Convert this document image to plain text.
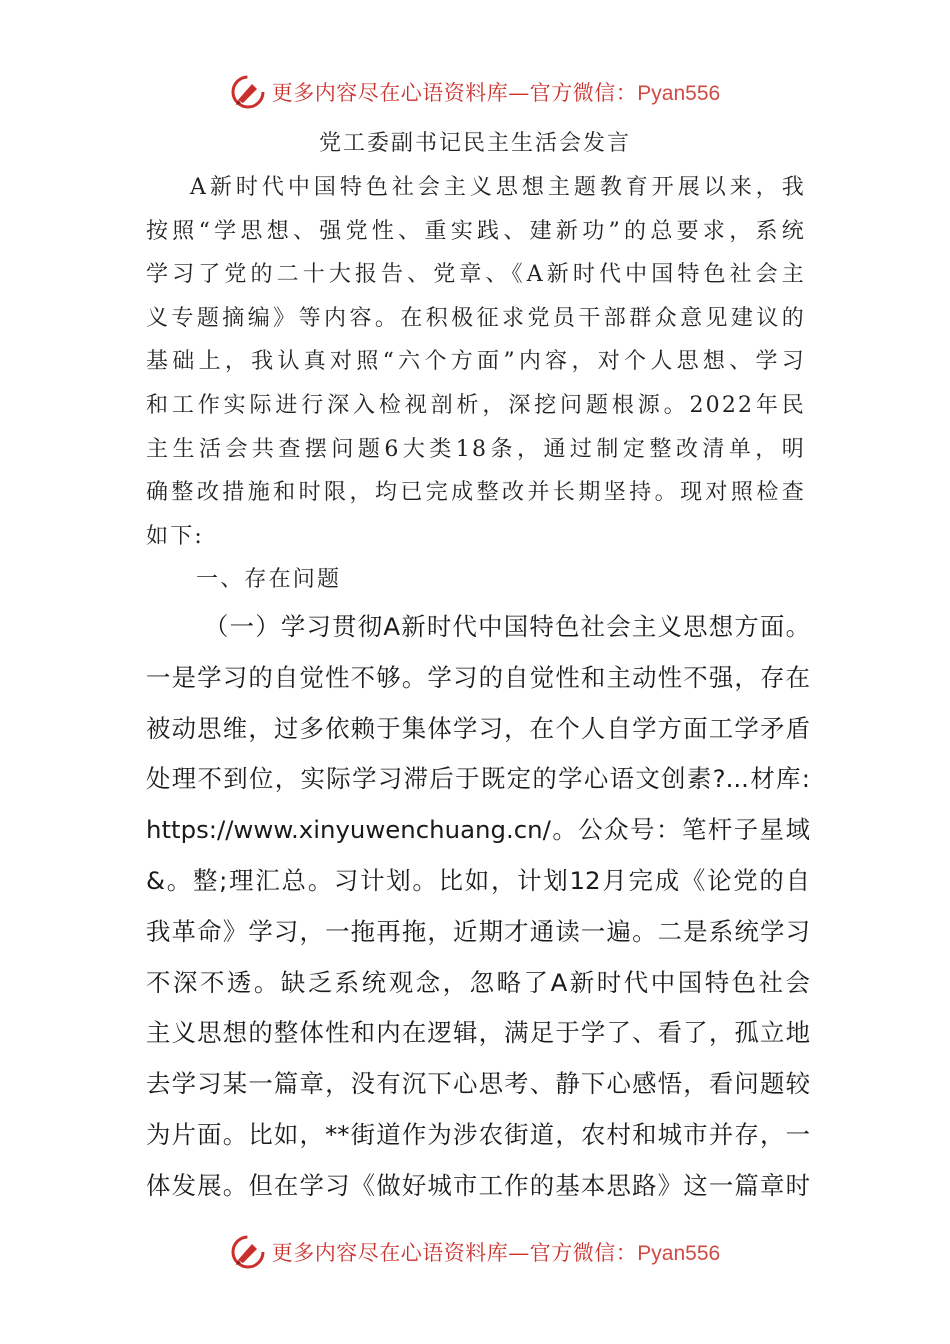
更多内容尽在心语资料库—官方微信：Pyan556
党工委副书记民主生活会发言
A新时代中国特色社会主义思想主题教育开展以来，我
按照“学思想、强党性、重实践、建新功”的总要求，系统
学习了党的二十大报告、党章、《A新时代中国特色社会主
义专题摘编》等内容。在积极征求党员干部群众意见建议的
基础上，我认真对照“六个方面”内容，对个人思想、学习
和工作实际进行深入检视剖析，深挖问题根源。2022年民
主生活会共查摆问题6大类18条，通过制定整改清单，明
确整改措施和时限，均已完成整改并长期坚持。现对照检查
如下:
一、存在问题
（一）学习贯彻A新时代中国特色社会主义思想方面。
一是学习的自觉性不够。学习的自觉性和主动性不强，存在
被动思维，过多依赖于集体学习，在个人自学方面工学矛盾
处理不到位，实际学习滞后于既定的学心语文创素?...材库:
https://www.xinyuwenchuang.cn/。公众号：笔杆子星域
&。整;理汇总。习计划。比如，计划12月完成《论党的自
我革命》学习，一拖再拖，近期才通读一遍。二是系统学习
不深不透。缺乏系统观念，忽略了A新时代中国特色社会
主义思想的整体性和内在逻辑，满足于学了、看了，孤立地
去学习某一篇章，没有沉下心思考、静下心感悟，看问题较
为片面。比如，**街道作为涉农街道，农村和城市并存，一
体发展。但在学习《做好城市工作的基本思路》这一篇章时
更多内容尽在心语资料库—官方微信：Pyan556
